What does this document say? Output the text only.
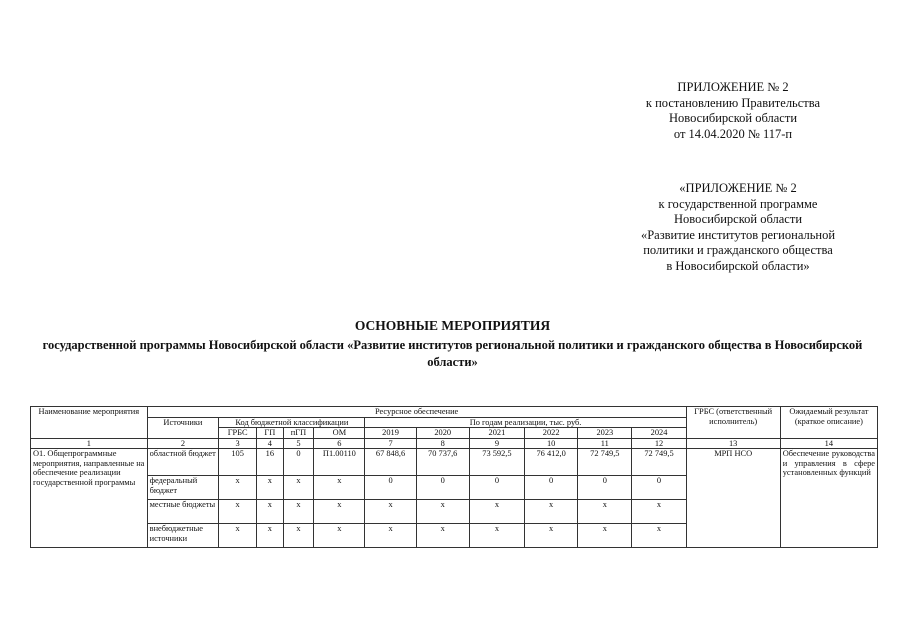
ПРИЛОЖЕНИЕ № 2
к постановлению Правительства
Новосибирской области
от 14.04.2020 № 117-п
«ПРИЛОЖЕНИЕ № 2
к государственной программе
Новосибирской области
«Развитие институтов региональной
политики и гражданского общества
в Новосибирской области»
ОСНОВНЫЕ МЕРОПРИЯТИЯ
государственной программы Новосибирской области «Развитие институтов региональной политики и гражданского общества в Новосибирской области»
Наименование мероприятия	Ресурсное обеспечение											ГРБС (ответственный исполнитель)	Ожидаемый результат (краткое описание)
	Источники	Код бюджетной классификации				По годам реализации, тыс. руб.							
		ГРБС	ГП	пГП	ОМ	2019	2020	2021	2022	2023	2024		
1	2	3	4	5	6	7	8	9	10	11	12	13	14
О1. Общепрограммные мероприятия, направленные на обеспечение реализации государственной программы	областной бюджет	105	16	0	П1.00110	67 848,6	70 737,6	73 592,5	76 412,0	72 749,5	72 749,5	МРП НСО	Обеспечение руководства и управления в сфере установленных функций
	федеральный бюджет	x	x	x	x	0	0	0	0	0	0		
	местные бюджеты	x	x	x	x	x	x	x	x	x	x		
	внебюджетные источники	x	x	x	x	x	x	x	x	x	x		
